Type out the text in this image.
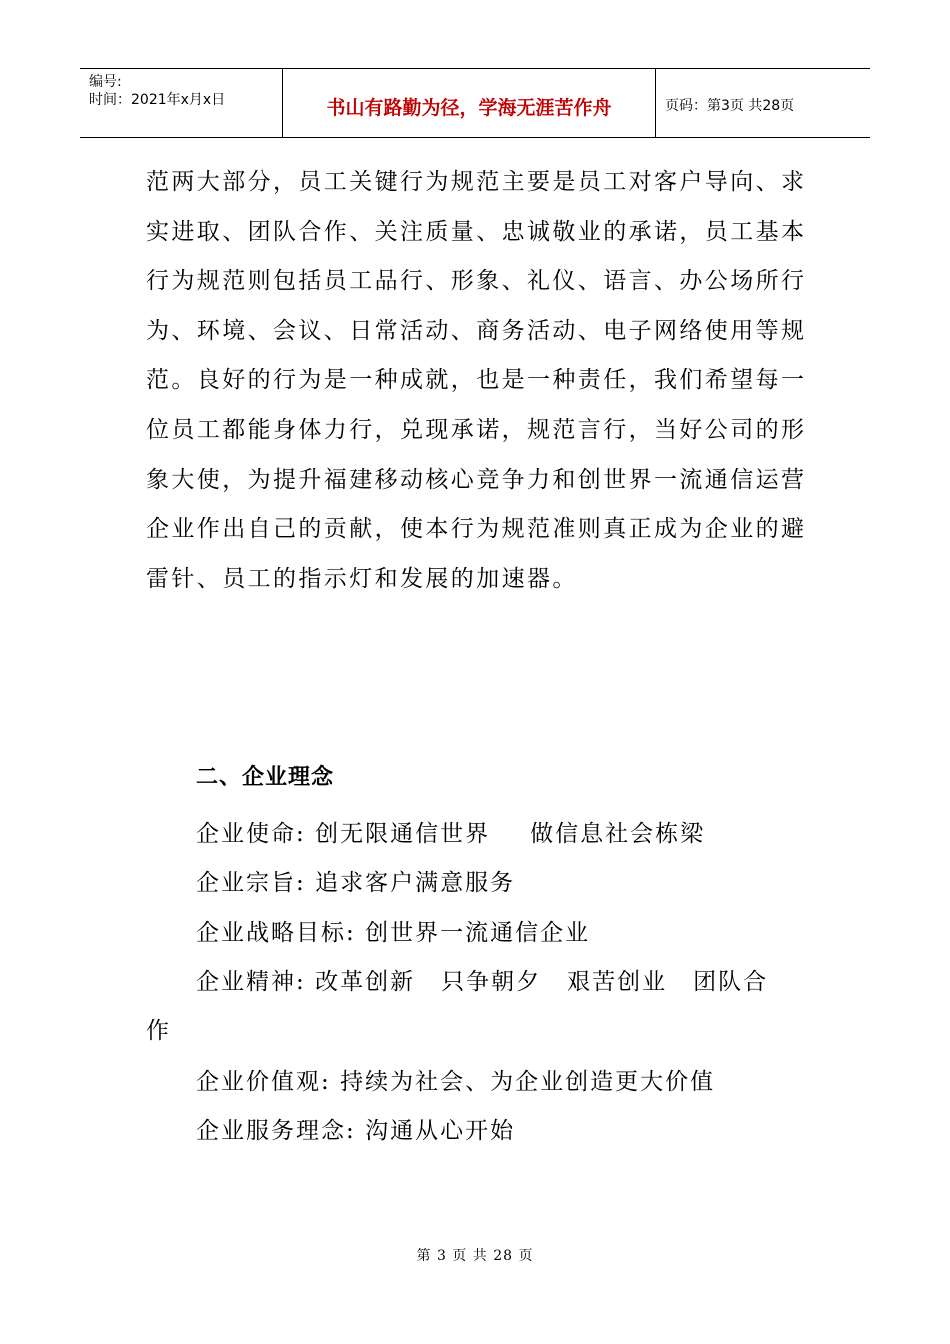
编号:
时间：2021年x月x日	书山有路勤为径，学海无涯苦作舟	页码：第3页 共28页

范两大部分，员工关键行为规范主要是员工对客户导向、求实进取、团队合作、关注质量、忠诚敬业的承诺，员工基本行为规范则包括员工品行、形象、礼仪、语言、办公场所行为、环境、会议、日常活动、商务活动、电子网络使用等规范。良好的行为是一种成就，也是一种责任，我们希望每一位员工都能身体力行，兑现承诺，规范言行，当好公司的形象大使，为提升福建移动核心竞争力和创世界一流通信运营企业作出自己的贡献，使本行为规范准则真正成为企业的避雷针、员工的指示灯和发展的加速器。

二、企业理念
企业使命: 创无限通信世界 做信息社会栋梁
企业宗旨: 追求客户满意服务
企业战略目标: 创世界一流通信企业
企业精神: 改革创新 只争朝夕 艰苦创业 团队合
作
企业价值观: 持续为社会、为企业创造更大价值
企业服务理念: 沟通从心开始
第 3 页 共 28 页
